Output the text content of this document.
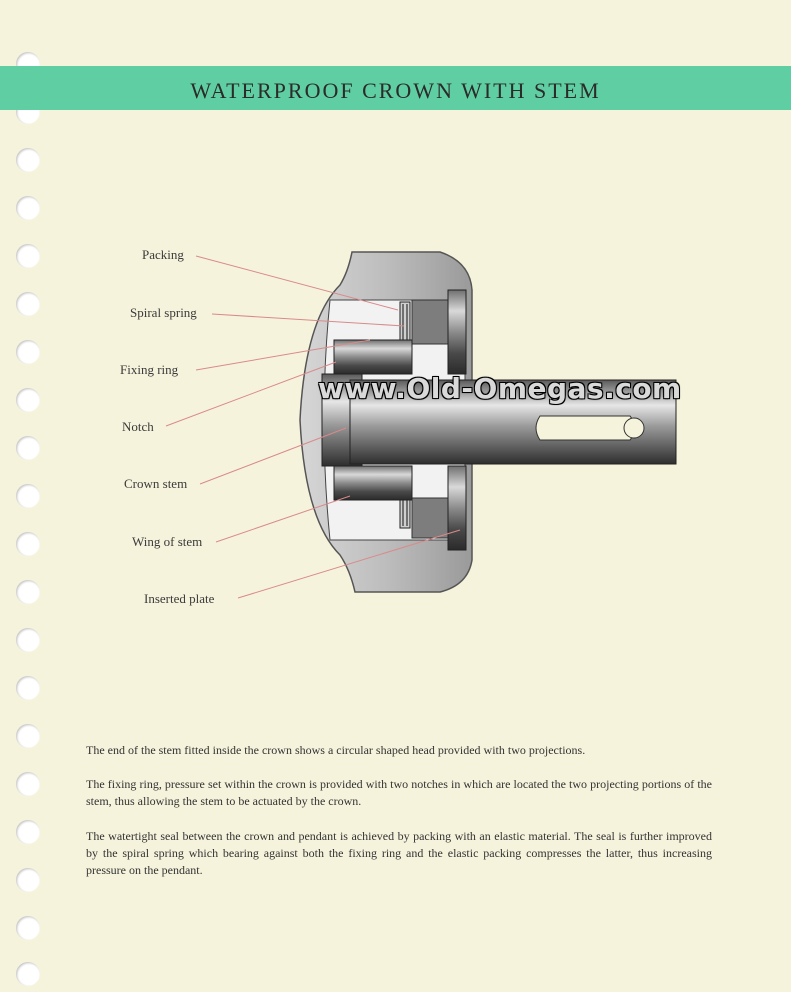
WATERPROOF CROWN WITH STEM
Packing
Spiral spring
Fixing ring
Notch
Crown stem
Wing of stem
Inserted plate
www.Old-Omegas.com
The end of the stem fitted inside the crown shows a circular shaped head provided with two projections.
The fixing ring, pressure set within the crown is provided with two notches in which are located the two projecting portions of the stem, thus allowing the stem to be actuated by the crown.
The watertight seal between the crown and pendant is achieved by packing with an elastic material. The seal is further improved by the spiral spring which bearing against both the fixing ring and the elastic packing compresses the latter, thus increasing pressure on the pendant.
